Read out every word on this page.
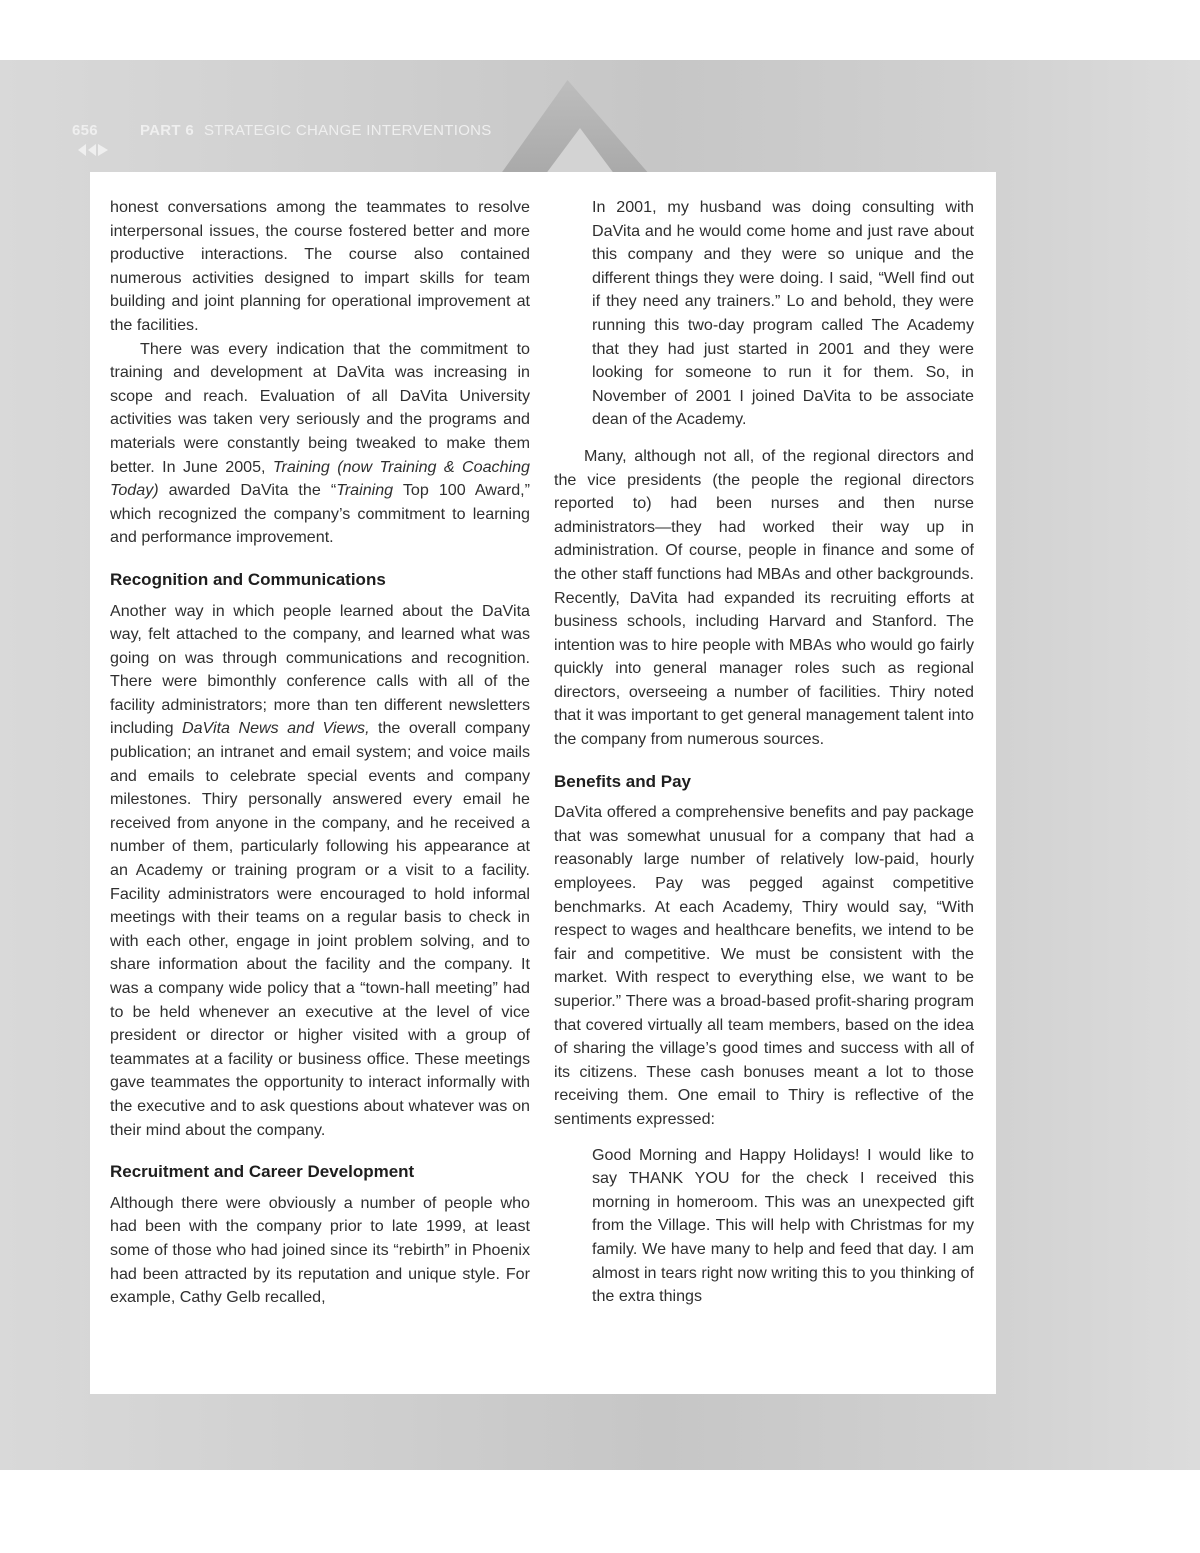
656	PART 6 STRATEGIC CHANGE INTERVENTIONS

honest conversations among the teammates to resolve interpersonal issues, the course fostered better and more productive interactions. The course also contained numerous activities designed to impart skills for team building and joint planning for operational improvement at the facilities.

There was every indication that the commitment to training and development at DaVita was increasing in scope and reach. Evaluation of all DaVita University activities was taken very seriously and the programs and materials were constantly being tweaked to make them better. In June 2005, Training (now Training & Coaching Today) awarded DaVita the “Training Top 100 Award,” which recognized the company’s commitment to learning and performance improvement.

Recognition and Communications

Another way in which people learned about the DaVita way, felt attached to the company, and learned what was going on was through communications and recognition. There were bimonthly conference calls with all of the facility administrators; more than ten different newsletters including DaVita News and Views, the overall company publication; an intranet and email system; and voice mails and emails to celebrate special events and company milestones. Thiry personally answered every email he received from anyone in the company, and he received a number of them, particularly following his appearance at an Academy or training program or a visit to a facility. Facility administrators were encouraged to hold informal meetings with their teams on a regular basis to check in with each other, engage in joint problem solving, and to share information about the facility and the company. It was a company wide policy that a “town-hall meeting” had to be held whenever an executive at the level of vice president or director or higher visited with a group of teammates at a facility or business office. These meetings gave teammates the opportunity to interact informally with the executive and to ask questions about whatever was on their mind about the company.

Recruitment and Career Development

Although there were obviously a number of people who had been with the company prior to late 1999, at least some of those who had joined since its “rebirth” in Phoenix had been attracted by its reputation and unique style. For example, Cathy Gelb recalled,

In 2001, my husband was doing consulting with DaVita and he would come home and just rave about this company and they were so unique and the different things they were doing. I said, “Well find out if they need any trainers.” Lo and behold, they were running this two-day program called The Academy that they had just started in 2001 and they were looking for someone to run it for them. So, in November of 2001 I joined DaVita to be associate dean of the Academy.

Many, although not all, of the regional directors and the vice presidents (the people the regional directors reported to) had been nurses and then nurse administrators—they had worked their way up in administration. Of course, people in finance and some of the other staff functions had MBAs and other backgrounds. Recently, DaVita had expanded its recruiting efforts at business schools, including Harvard and Stanford. The intention was to hire people with MBAs who would go fairly quickly into general manager roles such as regional directors, overseeing a number of facilities. Thiry noted that it was important to get general management talent into the company from numerous sources.

Benefits and Pay

DaVita offered a comprehensive benefits and pay package that was somewhat unusual for a company that had a reasonably large number of relatively low-paid, hourly employees. Pay was pegged against competitive benchmarks. At each Academy, Thiry would say, “With respect to wages and healthcare benefits, we intend to be fair and competitive. We must be consistent with the market. With respect to everything else, we want to be superior.” There was a broad-based profit-sharing program that covered virtually all team members, based on the idea of sharing the village’s good times and success with all of its citizens. These cash bonuses meant a lot to those receiving them. One email to Thiry is reflective of the sentiments expressed:

Good Morning and Happy Holidays! I would like to say THANK YOU for the check I received this morning in homeroom. This was an unexpected gift from the Village. This will help with Christmas for my family. We have many to help and feed that day. I am almost in tears right now writing this to you thinking of the extra things
